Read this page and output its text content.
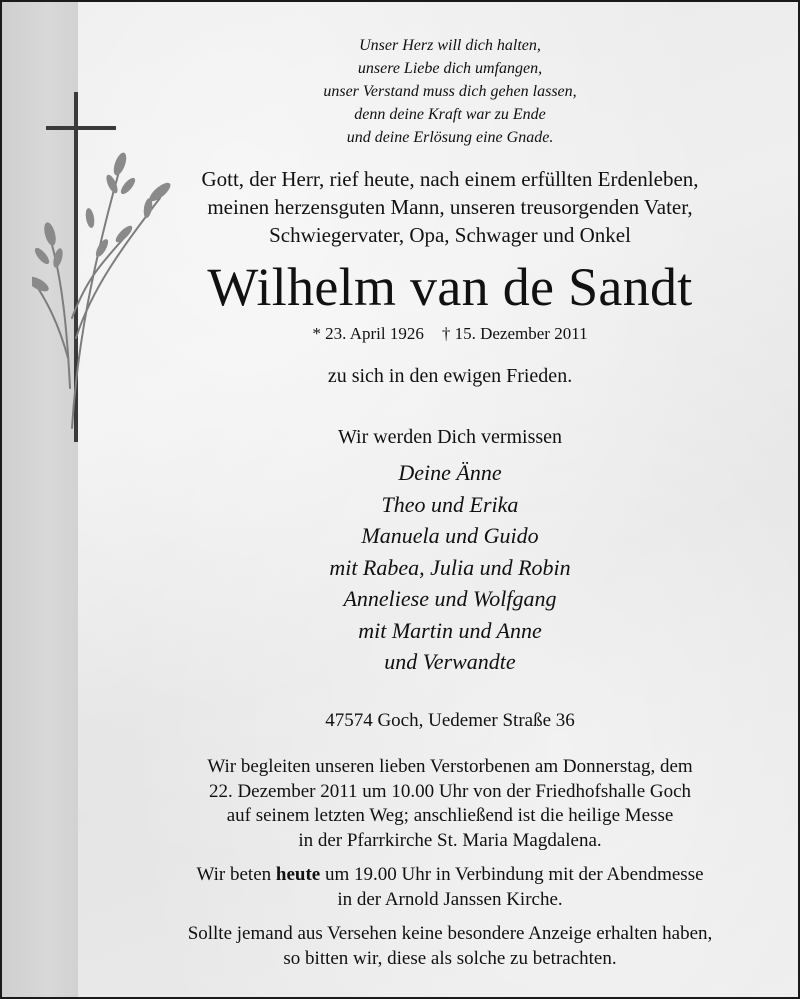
Unser Herz will dich halten,
unsere Liebe dich umfangen,
unser Verstand muss dich gehen lassen,
denn deine Kraft war zu Ende
und deine Erlösung eine Gnade.
Gott, der Herr, rief heute, nach einem erfüllten Erdenleben,
meinen herzensguten Mann, unseren treusorgenden Vater,
Schwiegervater, Opa, Schwager und Onkel
Wilhelm van de Sandt
* 23. April 1926 † 15. Dezember 2011
zu sich in den ewigen Frieden.
Wir werden Dich vermissen
Deine Änne
Theo und Erika
Manuela und Guido
mit Rabea, Julia und Robin
Anneliese und Wolfgang
mit Martin und Anne
und Verwandte
47574 Goch, Uedemer Straße 36
Wir begleiten unseren lieben Verstorbenen am Donnerstag, dem
22. Dezember 2011 um 10.00 Uhr von der Friedhofshalle Goch
auf seinem letzten Weg; anschließend ist die heilige Messe
in der Pfarrkirche St. Maria Magdalena.
Wir beten heute um 19.00 Uhr in Verbindung mit der Abendmesse
in der Arnold Janssen Kirche.
Sollte jemand aus Versehen keine besondere Anzeige erhalten haben,
so bitten wir, diese als solche zu betrachten.
